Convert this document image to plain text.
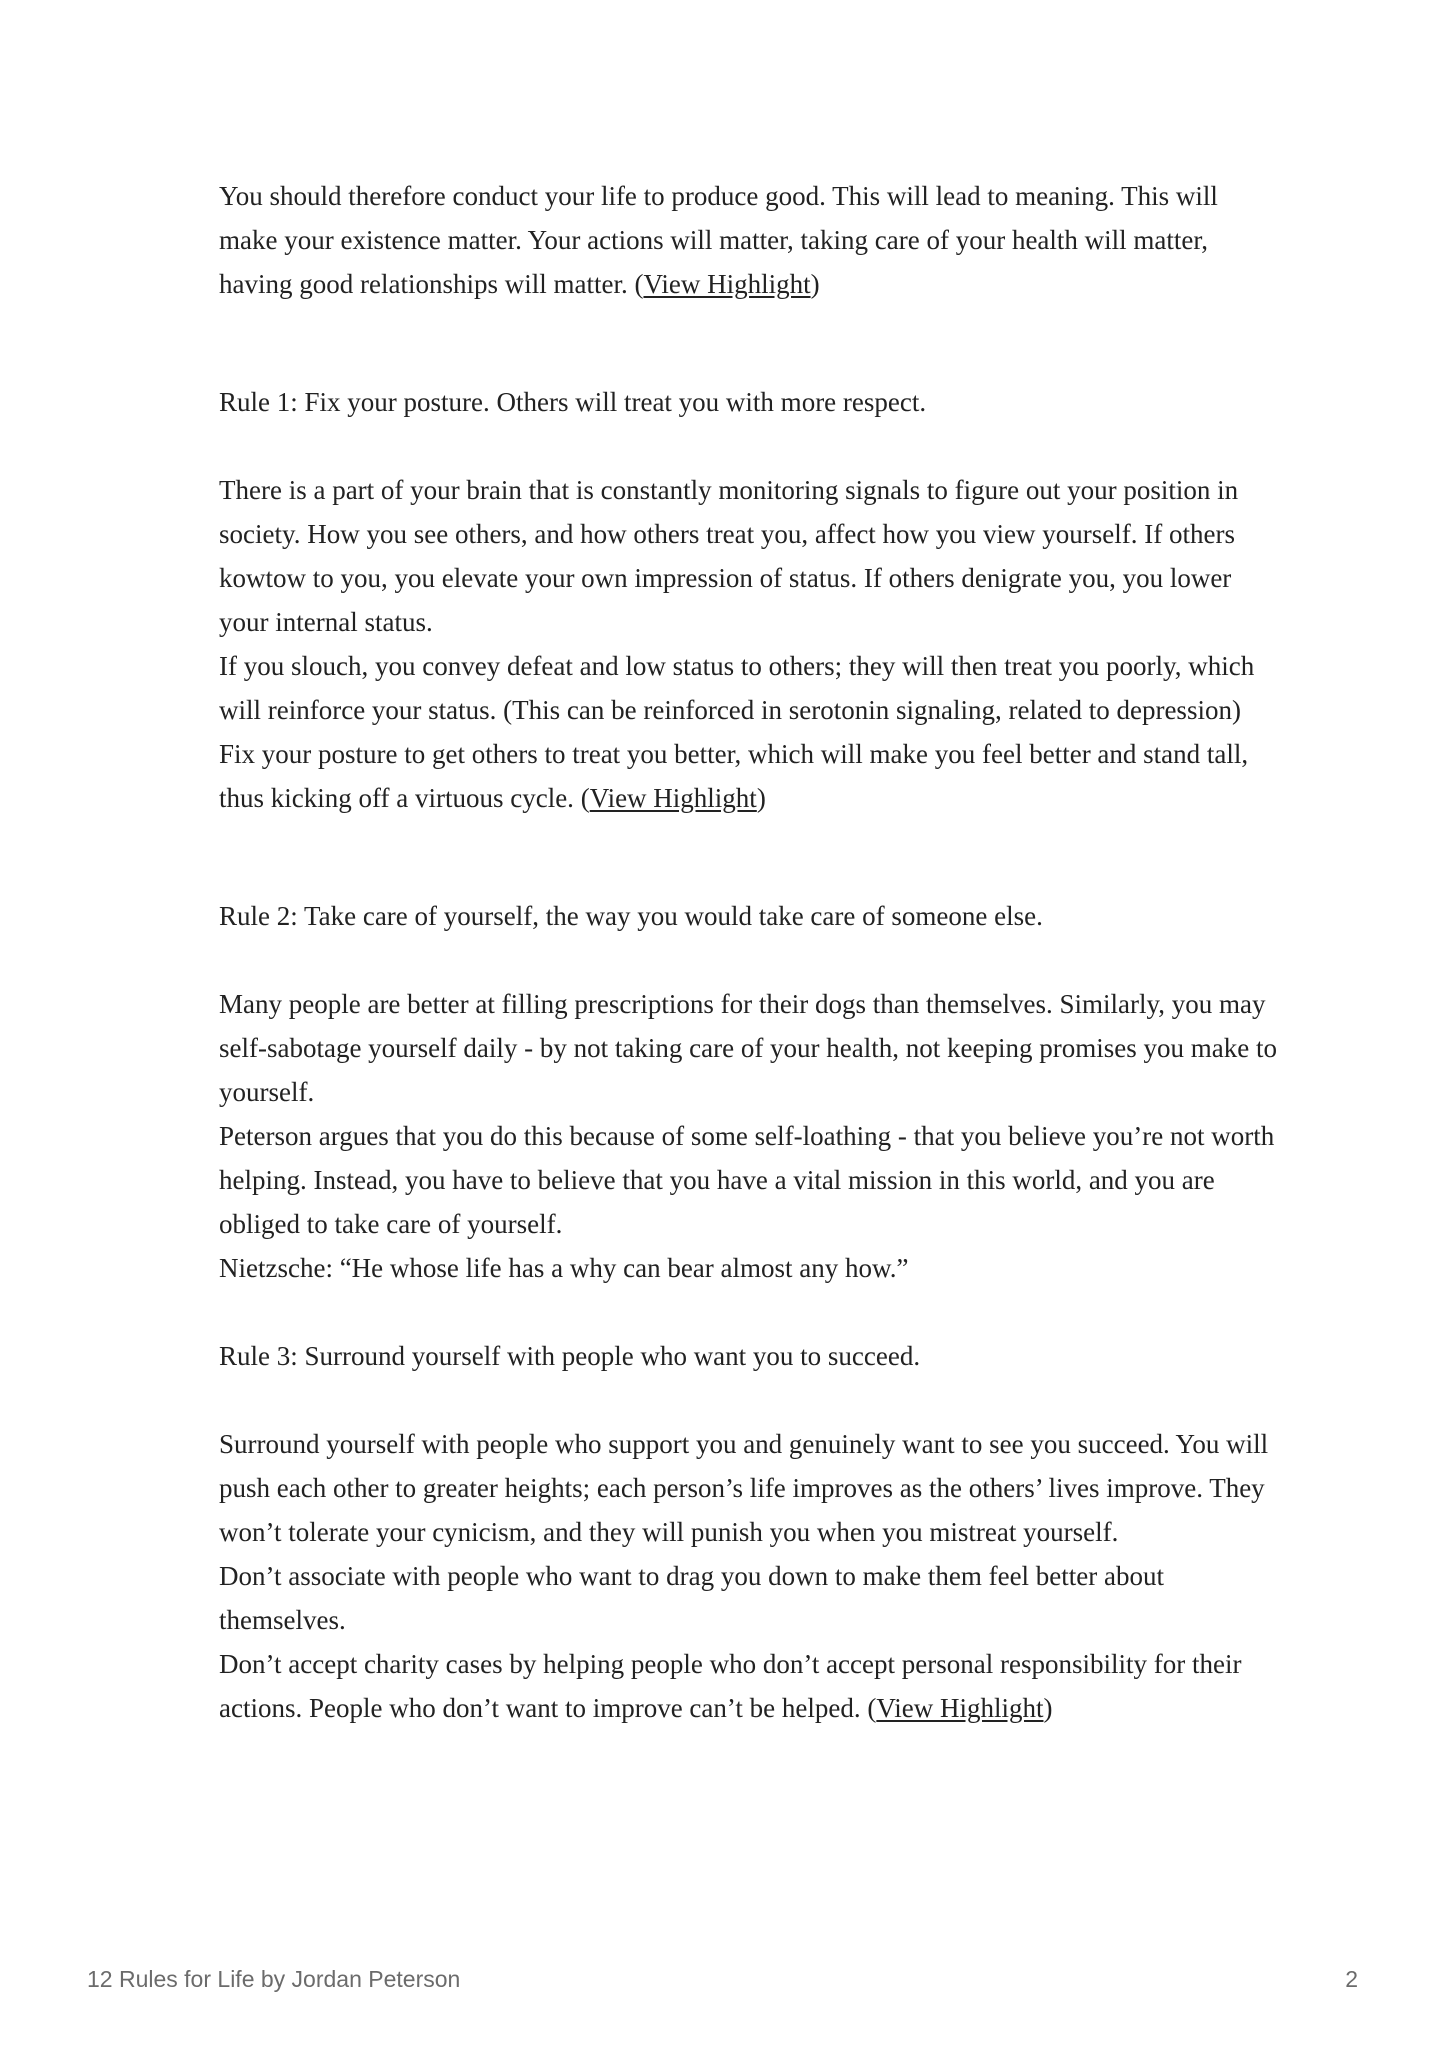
You should therefore conduct your life to produce good. This will lead to meaning. This will make your existence matter. Your actions will matter, taking care of your health will matter, having good relationships will matter. (View Highlight)

Rule 1: Fix your posture. Others will treat you with more respect.

There is a part of your brain that is constantly monitoring signals to figure out your position in society. How you see others, and how others treat you, affect how you view yourself. If others kowtow to you, you elevate your own impression of status. If others denigrate you, you lower your internal status.

If you slouch, you convey defeat and low status to others; they will then treat you poorly, which will reinforce your status. (This can be reinforced in serotonin signaling, related to depression)

Fix your posture to get others to treat you better, which will make you feel better and stand tall, thus kicking off a virtuous cycle. (View Highlight)

Rule 2: Take care of yourself, the way you would take care of someone else.

Many people are better at filling prescriptions for their dogs than themselves. Similarly, you may self-sabotage yourself daily - by not taking care of your health, not keeping promises you make to yourself.

Peterson argues that you do this because of some self-loathing - that you believe you’re not worth helping. Instead, you have to believe that you have a vital mission in this world, and you are obliged to take care of yourself.

Nietzsche: “He whose life has a why can bear almost any how.”

Rule 3: Surround yourself with people who want you to succeed.

Surround yourself with people who support you and genuinely want to see you succeed. You will push each other to greater heights; each person’s life improves as the others’ lives improve. They won’t tolerate your cynicism, and they will punish you when you mistreat yourself.

Don’t associate with people who want to drag you down to make them feel better about themselves.

Don’t accept charity cases by helping people who don’t accept personal responsibility for their actions. People who don’t want to improve can’t be helped. (View Highlight)

12 Rules for Life by Jordan Peterson	2
